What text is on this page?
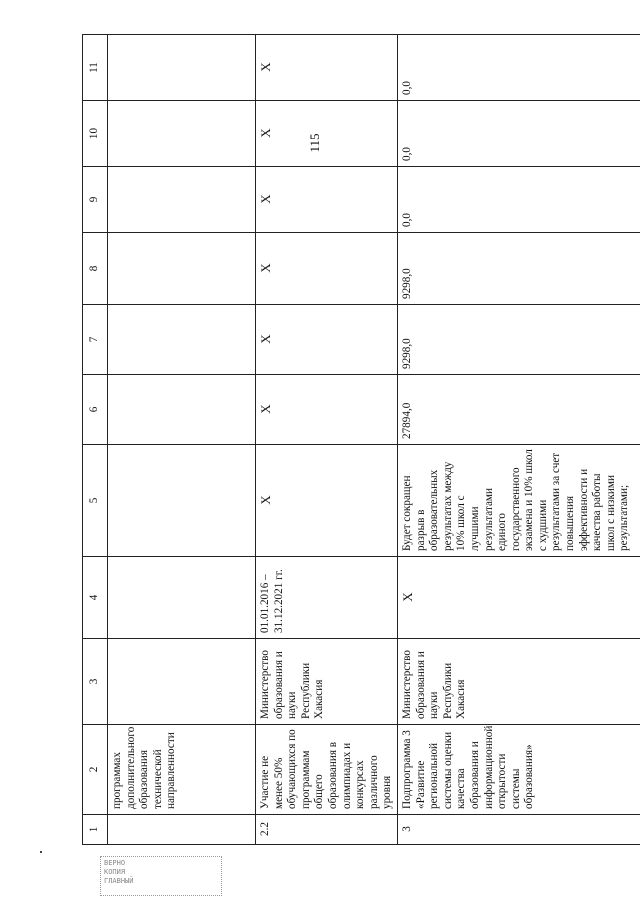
115
1	2	3	4	5	6	7	8	9	10	11
	программах дополнительного образования технической направленности									
2.2	Участие не менее 50% обучающихся по программам общего образования в олимпиадах и конкурсах различного уровня	Министерство образования и науки Республики Хакасия	01.01.2016 – 31.12.2021 гг.	X	X	X	X	X	X	X
3	Подпрограмма 3 «Развитие региональной системы оценки качества образования и информационной открытости системы образования»	Министерство образования и науки Республики Хакасия	X	Будет сокращен разрыв в образовательных результатах между 10% школ с лучшими результатами единого государственного экзамена и 10% школ с худшими результатами за счет повышения эффективности и качества работы школ с низкими результатами;	27894,0	9298,0	9298,0	0,0	0,0	0,0
ВЕРНО
КОПИЯ
ГЛАВНЫЙ
